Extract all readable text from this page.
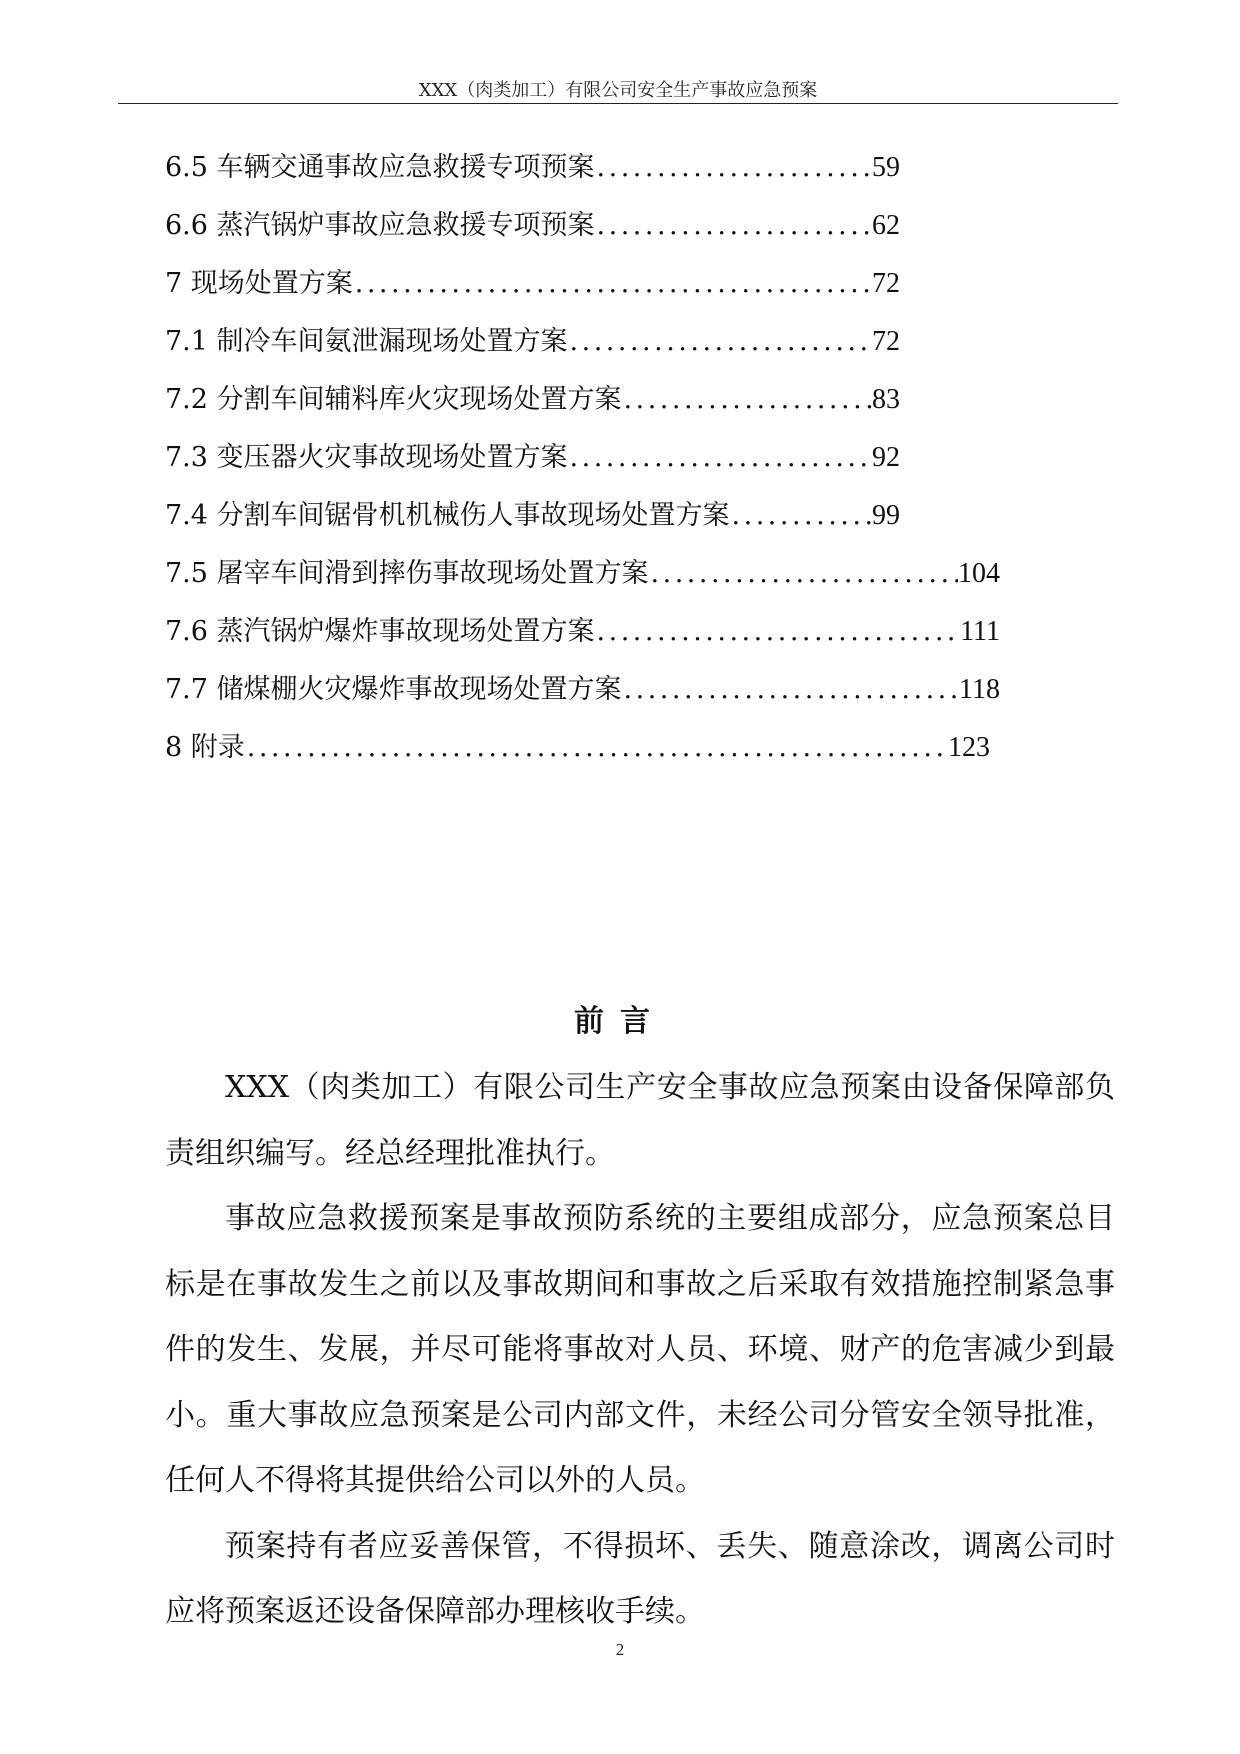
XXX（肉类加工）有限公司安全生产事故应急预案
6.5 车辆交通事故应急救援专项预案 .....	59
6.6 蒸汽锅炉事故应急救援专项预案 .....	62
7 现场处置方案 .....	72
7.1 制冷车间氨泄漏现场处置方案 .....	72
7.2 分割车间辅料库火灾现场处置方案 .....	83
7.3 变压器火灾事故现场处置方案 .....	92
7.4 分割车间锯骨机机械伤人事故现场处置方案 .....	99
7.5 屠宰车间滑到摔伤事故现场处置方案 .....	104
7.6 蒸汽锅炉爆炸事故现场处置方案 .....	111
7.7 储煤棚火灾爆炸事故现场处置方案 .....	118
8 附录 .....	123
前言

XXX（肉类加工）有限公司生产安全事故应急预案由设备保障部负责组织编写。经总经理批准执行。

事故应急救援预案是事故预防系统的主要组成部分，应急预案总目标是在事故发生之前以及事故期间和事故之后采取有效措施控制紧急事件的发生、发展，并尽可能将事故对人员、环境、财产的危害减少到最小。重大事故应急预案是公司内部文件，未经公司分管安全领导批准，任何人不得将其提供给公司以外的人员。

预案持有者应妥善保管，不得损坏、丢失、随意涂改，调离公司时应将预案返还设备保障部办理核收手续。

2
